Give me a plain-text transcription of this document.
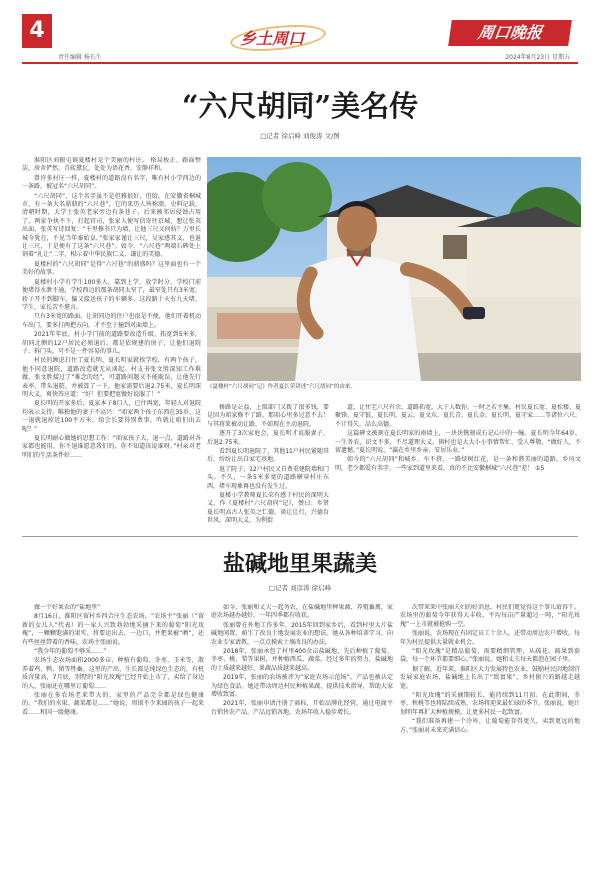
4	乡土周口	周口晚报
责任编辑 杨长生	2024年8月23日 星期五
“六尺胡同”美名传
□记者 徐启峰 刘俊涛 文/图

淮阳区刘振屯镇夏楼村是个美丽的村庄。 格局板正、路面整洁，房舍俨然，青砖黛瓦，处处为语花香，安静祥和。

曾许多村庄一样，夏楼村的道路没有名字，唯有村小学西边的一条路，被冠名“六尺胡同”。

“六尺胡同”，这个名字虽不是但雅很好，但给，在安徽省桐城市，有一条大名鼎鼎的“六尺巷”，它的来历人皆称颂，史料记载，清朝时期，大学士张英老家旁边有条巷子，后来被邻居侵蚀占用了，两家争执不下，打起官司，张家人便写信寄往京城，想让张英出面，张英写诗回复：“千里修书只为墙，让他三尺又何妨？万里长城今犹在，不见当年秦始皇。”张家家谨让三尺，吴家感其义，也退让三尺，于是便有了这条“六尺巷”。如今，“六尺巷”两端石碑处上刻着“礼让”二字，相示着中华民族仁义、谦让的美德。

夏楼村的“六尺胡同”是得“六尺巷”的鼎盛吗？这里面也有一个美好的故事。

夏楼村小学有学生100多人，靠到上学、放学时分，学校门前便堵得水泄不通，学校西边的那条胡同太窄了，最窄处只有3米宽，轿子开不到脚车，偏又接送孩子的车辆多，这段路十天有九天堵，学生、家长苦不堪言。

只有3米宽的路面，让胡同边的住户也很是不便，他们开着机动车出门，要多打两把方向，才不至于撞到对面墙上。

2021年年底，村小学门前的道路要改造升级，拓宽到5米多，胡同北侧的12户居民必须退后。都是依规建的房子，让他们退院子、拆门头，可不是一件容易的事儿。

村民的顾虑打住了夏长明，夏长明家就挨学校，有两个孩子，他不同意退院，道路改造就无从谈起。村支书张文胜深知工作难做，张文胜接过了“难念的经”，可道路问题又不能耽误，让他先行表率，带头退院，并被算了一下，他家需要后退2.75米，夏长明深明大义，爽快答应道：“好！但要把宽做好说服了！”

夏长明的开家多后，夏家本子8口人，已住再宽，年轻人对退院均表示支持。唯独他的妻子不高兴：“咱家两个孩子东西在35岁，这一退就退掉近100平方米，给会长要得别费事，咋就让咱们出去呢？”

夏长明耐心做她的思想工作：“咱家孩子大，退一点，道路对各家都也能用。你不退谁愿意我们的，你不知道该说谁呀。”村亲对老明们的生活条件好……

《夏楼村“六尺胡同”记》作者夏长荣讲述“六尺胡同”的由来。

修路是公益，上级部门又拨了很多钱，要是因为咱家修不了路，那咱心里多过意不去！与其将来被动让路，不如现在主动退院。

逐开了3次家庭会，夏长明才说服妻子，后退2.75米。

看到夏长明退院了，其他11户村民紧随其后，纷纷让出自家宅基地。

退了院子，12户村民又自费重建院墙和门头。不久，一条5米多宽的道路横穿村庄东西，堵车现象再也没有发生过。

夏楼小学教师夏长荣有感于村民的深明大义，作《夏楼村“六尺胡同”记》，赞曰：乡贤夏长明高古人张英之仁德，谈让让行，兴德育世风。深明大义，为利街

道，让住宅六尺有余，道路拓宽，大于人数你。一时之若主集，村民夏长宽、夏松楼、夏聚锋、夏守银、夏长明、夏云、夏文东、夏长青、夏长金、夏长明、夏守家……等诸位六尺，不计得失，品么高德。

这篇碑文被刻在夏长明家的南墙上，一块块镌刻成石记心中的一幢。夏长明今年64岁，一生务农，识文不多，不尽道理大义。镇村也是大大小小事情帮忙，受人尊敬。“做好人，不留遗憾。”夏长明说，“赢在乡里乡亲，安居乐业。”

如今的“六尺胡同”和城乡、车不挤、一路绿树红花，是一条和谐美丽的道路，乡风文明，老少都爱有名字，一些家到道里来看，真的不比安徽桐城“六尺巷”差！ ①5

盐碱地里果蔬美
□记者 刘彦涛 徐启峰

做一个好果农的“盐地里”

8月16日，淮阳区留村乡四合庄生态农场，“农场主”张丽（“留新的女儿人”代表）的一家人兴致勃勃地采摘下来的葡萄“阳光玫瑰”，一颗颗饱满的果实，将要运出去，一边口，并把果被“晒”，还有些丝丝带着的香味，农场主张丽说。

“我今年的葡萄不够采……”

农场生态农场面积2000多亩，种植有葡萄、冬枣、玉米等，散养着鸡、鸭、猪等牲畜。这里的产出，生长都是纯绿色生态的，有机质含量高，7月底，别墅的“阳光玫瑰”已经开始上市了，卖给了身边的人，张丽还在哪里订葡萄……

张丽在多农场老来带大的，家里的产品完全都是绿色健康的。“我们的水果、蔬菜都是……”她说，周围不少来园的孩子一起来看……和国一级健康。

如今，张丽和丈夫一起务农，在盐碱地里种果蔬、养殖畜禽，家庭农场越办越好，一年四季都有收获。

张丽曾在外地工作多年，2015年回到家乡后，看到村里大片盐碱地闲置，萌生了改良土地发展农业的想法。她从各种培训学习，向农业专家请教，一点点摸索土壤改良的办法。

2018年，张丽承包了村里400余亩盐碱地，先后种植了葡萄、冬枣、桃、梨等果树，并种植西瓜、蔬菜。经过多年的努力，盐碱地的土质越来越好，果蔬品质越来越高。

2019年，张丽的农场被评为“家庭农场示范场”，产品也被认定为绿色食品。她还带动周边村民种植果蔬，提供技术指导，帮助大家增收致富。

2021年，张丽申请注册了商标，开始品牌化经营，通过电商平台销售农产品，产品远销各地，农场年收入稳步增长。

次带来来中张丽夫妇的好消息，村民们更觉得这个事儿值得干。农场里的葡萄今年获得大丰收，平均每亩产量超过一吨，“阳光玫瑰”一上市就被抢购一空。

张丽说，农场现在有固定员工十余人，还带动周边农户增收，每年为村民提供大量就业机会。

“阳光玫瑰”是精品葡萄，需要精细管理，从疏花、疏果到套袋，每一个环节都要细心。”张丽说，她和丈夫每天都泡在园子里。

据了解，近年来，淮阳区大力发展特色农业，鼓励村民因地制宜发展家庭农场，盐碱地上长出了“致富果”，乡村振兴的路越走越宽。

“阳光玫瑰”的采摘期较长，能持续到11月初。在此期间，冬枣、秋桃等也将陆续成熟，农场将迎来最忙碌的季节。张丽说，她计划明年再扩大种植规模，让更多村民一起致富。

“我们准备再建一个冷库，让葡萄能存得更久，卖到更远的地方。”张丽对未来充满信心。
